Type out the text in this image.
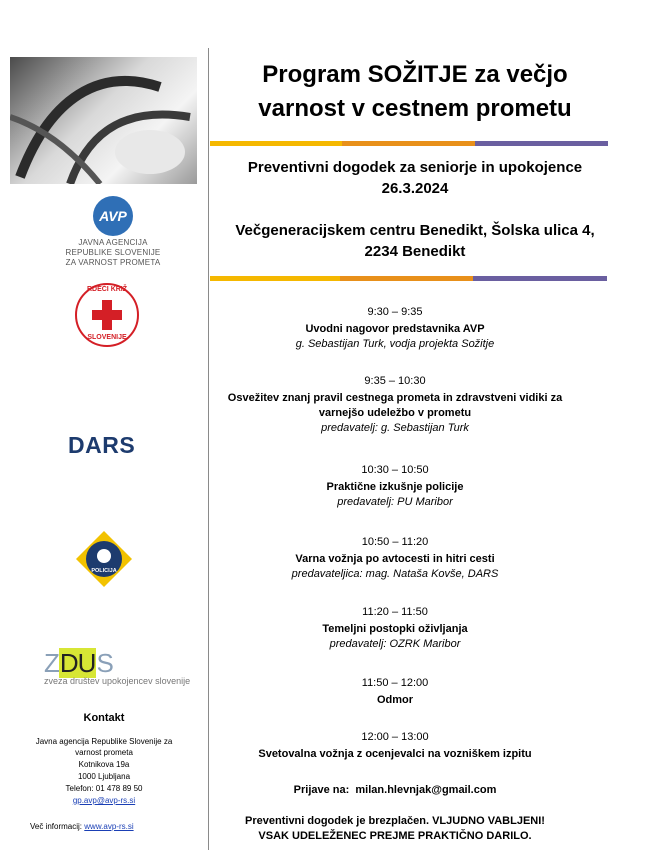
AVP
JAVNA AGENCIJA
REPUBLIKE SLOVENIJE
ZA VARNOST PROMETA
RDEČI KRIŽ
SLOVENIJE
DARS
POLICIJA
ZDUS
zveza društev upokojencev slovenije
Kontakt
Javna agencija Republike Slovenije za
varnost prometa
Kotnikova 19a
1000 Ljubljana
Telefon: 01 478 89 50
gp.avp@avp-rs.si
Več informacij: www.avp-rs.si
Program SOŽITJE za večjo
varnost v cestnem prometu
Preventivni dogodek za seniorje in upokojence
26.3.2024
Večgeneracijskem centru Benedikt, Šolska ulica 4,
2234 Benedikt
9:30 – 9:35
Uvodni nagovor predstavnika AVP
g. Sebastijan Turk, vodja projekta Sožitje
9:35 – 10:30
Osvežitev znanj pravil cestnega prometa in zdravstveni vidiki za
varnejšo udeležbo v prometu
predavatelj: g. Sebastijan Turk
10:30 – 10:50
Praktične izkušnje policije
predavatelj: PU Maribor
10:50 – 11:20
Varna vožnja po avtocesti in hitri cesti
predavateljica: mag. Nataša Kovše, DARS
11:20 – 11:50
Temeljni postopki oživljanja
predavatelj: OZRK Maribor
11:50 – 12:00
Odmor
12:00 – 13:00
Svetovalna vožnja z ocenjevalci na vozniškem izpitu
Prijave na: milan.hlevnjak@gmail.com
Preventivni dogodek je brezplačen. VLJUDNO VABLJENI!
VSAK UDELEŽENEC PREJME PRAKTIČNO DARILO.
